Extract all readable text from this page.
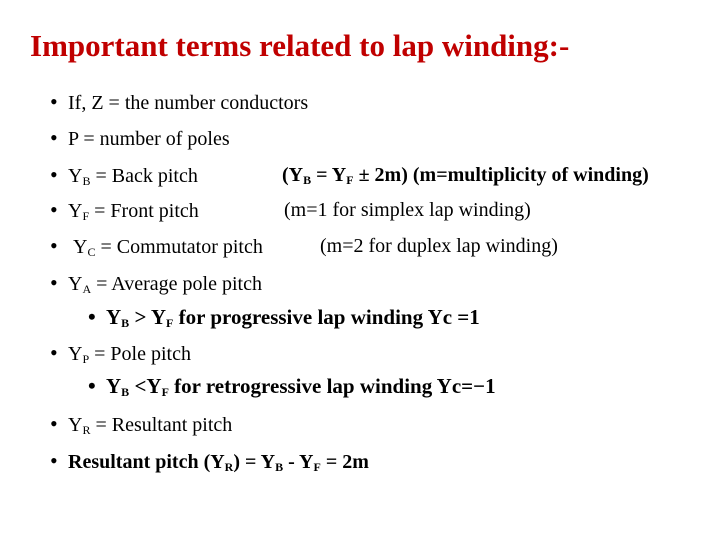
Important terms related to lap winding:-
• If, Z = the number conductors
• P = number of poles
• $Y_B$ = Back pitch	$(Y_B = Y_F \pm 2m)$ (m=multiplicity of winding)
• $Y_F$ = Front pitch	(m=1 for simplex lap winding)
• $Y_C$ = Commutator pitch	(m=2 for duplex lap winding)
• $Y_A$ = Average pole pitch
• $Y_B > Y_F$ for progressive lap winding Yc =1
• $Y_P$ = Pole pitch
• $Y_B <Y_F$ for retrogressive lap winding Yc=−1
• $Y_R$ = Resultant pitch
• Resultant pitch $(Y_R) = Y_B - Y_F = 2m$
